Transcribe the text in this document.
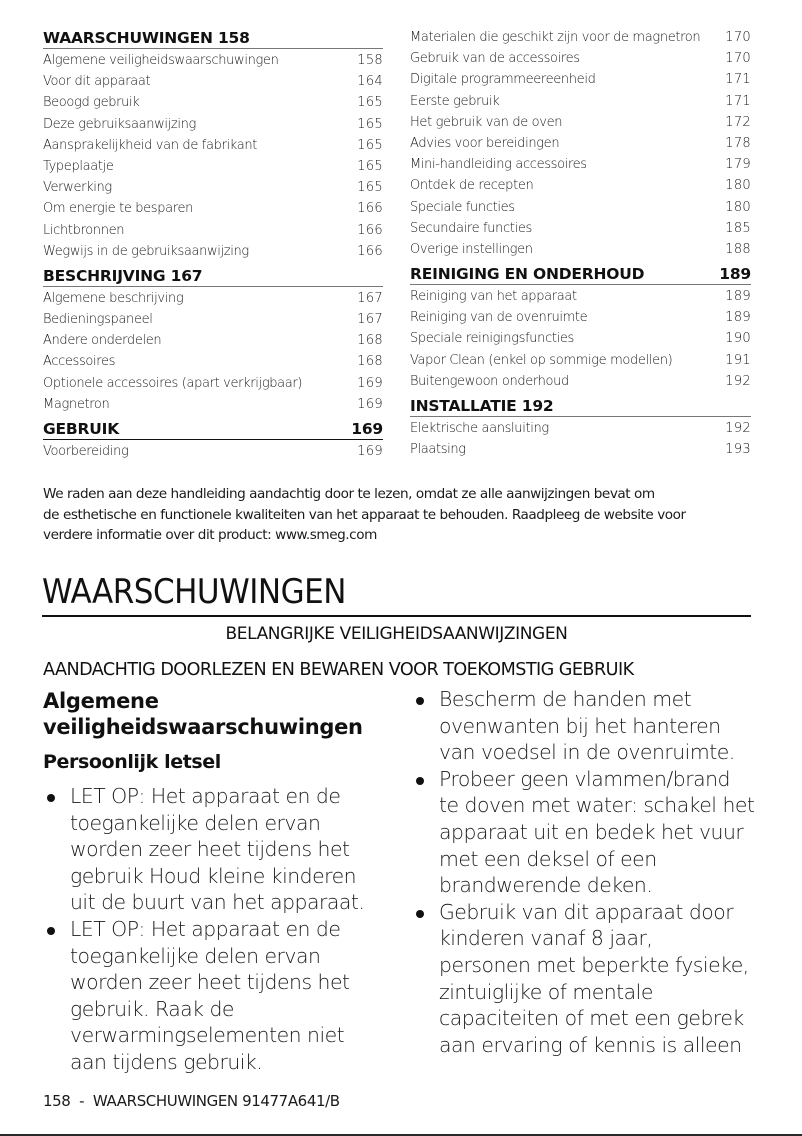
WAARSCHUWINGEN 158
Algemene veiligheidswaarschuwingen	158
Voor dit apparaat	164
Beoogd gebruik	165
Deze gebruiksaanwijzing	165
Aansprakelijkheid van de fabrikant	165
Typeplaatje	165
Verwerking	165
Om energie te besparen	166
Lichtbronnen	166
Wegwijs in de gebruiksaanwijzing	166
BESCHRIJVING 167
Algemene beschrijving	167
Bedieningspaneel	167
Andere onderdelen	168
Accessoires	168
Optionele accessoires (apart verkrijgbaar)	169
Magnetron	169
GEBRUIK	169
Voorbereiding	169
Materialen die geschikt zijn voor de magnetron 170
Gebruik van de accessoires	170
Digitale programmeereenheid	171
Eerste gebruik	171
Het gebruik van de oven	172
Advies voor bereidingen	178
Mini-handleiding accessoires	179
Ontdek de recepten	180
Speciale functies	180
Secundaire functies	185
Overige instellingen	188
REINIGING EN ONDERHOUD	189
Reiniging van het apparaat	189
Reiniging van de ovenruimte	189
Speciale reinigingsfuncties	190
Vapor Clean (enkel op sommige modellen)	191
Buitengewoon onderhoud	192
INSTALLATIE 192
Elektrische aansluiting	192
Plaatsing	193
We raden aan deze handleiding aandachtig door te lezen, omdat ze alle aanwijzingen bevat om
de esthetische en functionele kwaliteiten van het apparaat te behouden. Raadpleeg de website voor
verdere informatie over dit product: www.smeg.com
WAARSCHUWINGEN
BELANGRIJKE VEILIGHEIDSAANWIJZINGEN
AANDACHTIG DOORLEZEN EN BEWAREN VOOR TOEKOMSTIG GEBRUIK
Algemene
veiligheidswaarschuwingen
Persoonlijk letsel
LET OP: Het apparaat en de
toegankelijke delen ervan
worden zeer heet tijdens het
gebruik Houd kleine kinderen
uit de buurt van het apparaat.
LET OP: Het apparaat en de
toegankelijke delen ervan
worden zeer heet tijdens het
gebruik. Raak de
verwarmingselementen niet
aan tijdens gebruik.
Bescherm de handen met
ovenwanten bij het hanteren
van voedsel in de ovenruimte.
Probeer geen vlammen/brand
te doven met water: schakel het
apparaat uit en bedek het vuur
met een deksel of een
brandwerende deken.
Gebruik van dit apparaat door
kinderen vanaf 8 jaar,
personen met beperkte fysieke,
zintuiglijke of mentale
capaciteiten of met een gebrek
aan ervaring of kennis is alleen
158  -  WAARSCHUWINGEN 91477A641/B
